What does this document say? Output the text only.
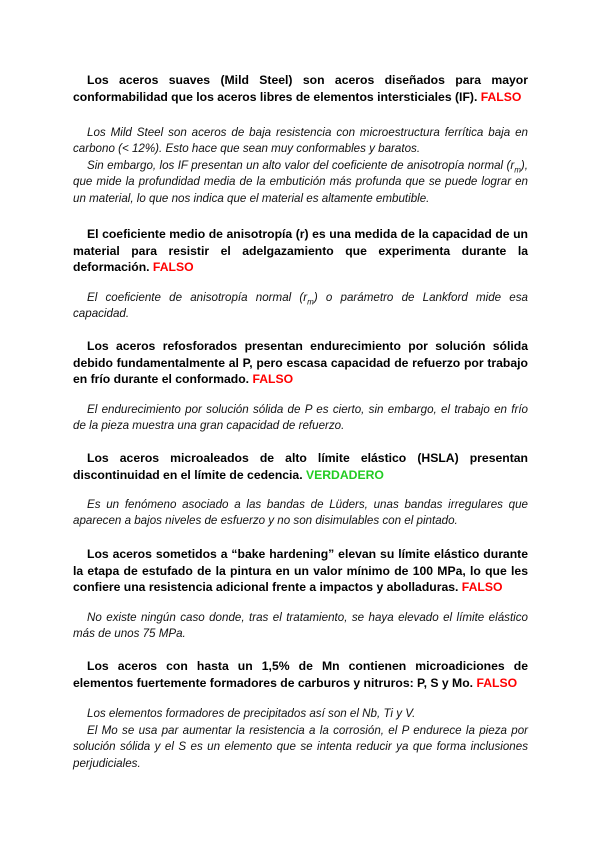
Los aceros suaves (Mild Steel) son aceros diseñados para mayor conformabilidad que los aceros libres de elementos intersticiales (IF). FALSO

Los Mild Steel son aceros de baja resistencia con microestructura ferrítica baja en carbono (< 12%). Esto hace que sean muy conformables y baratos.

Sin embargo, los IF presentan un alto valor del coeficiente de anisotropía normal $(r_m)$, que mide la profundidad media de la embutición más profunda que se puede lograr en un material, lo que nos indica que el material es altamente embutible.

El coeficiente medio de anisotropía (r) es una medida de la capacidad de un material para resistir el adelgazamiento que experimenta durante la deformación. FALSO

El coeficiente de anisotropía normal $(r_m)$ o parámetro de Lankford mide esa capacidad.

Los aceros refosforados presentan endurecimiento por solución sólida debido fundamentalmente al P, pero escasa capacidad de refuerzo por trabajo en frío durante el conformado. FALSO

El endurecimiento por solución sólida de P es cierto, sin embargo, el trabajo en frío de la pieza muestra una gran capacidad de refuerzo.

Los aceros microaleados de alto límite elástico (HSLA) presentan discontinuidad en el límite de cedencia. VERDADERO

Es un fenómeno asociado a las bandas de Lüders, unas bandas irregulares que aparecen a bajos niveles de esfuerzo y no son disimulables con el pintado.

Los aceros sometidos a “bake hardening” elevan su límite elástico durante la etapa de estufado de la pintura en un valor mínimo de 100 MPa, lo que les confiere una resistencia adicional frente a impactos y abolladuras. FALSO

No existe ningún caso donde, tras el tratamiento, se haya elevado el límite elástico más de unos 75 MPa.

Los aceros con hasta un 1,5% de Mn contienen microadiciones de elementos fuertemente formadores de carburos y nitruros: P, S y Mo. FALSO

Los elementos formadores de precipitados así son el Nb, Ti y V.

El Mo se usa par aumentar la resistencia a la corrosión, el P endurece la pieza por solución sólida y el S es un elemento que se intenta reducir ya que forma inclusiones perjudiciales.
